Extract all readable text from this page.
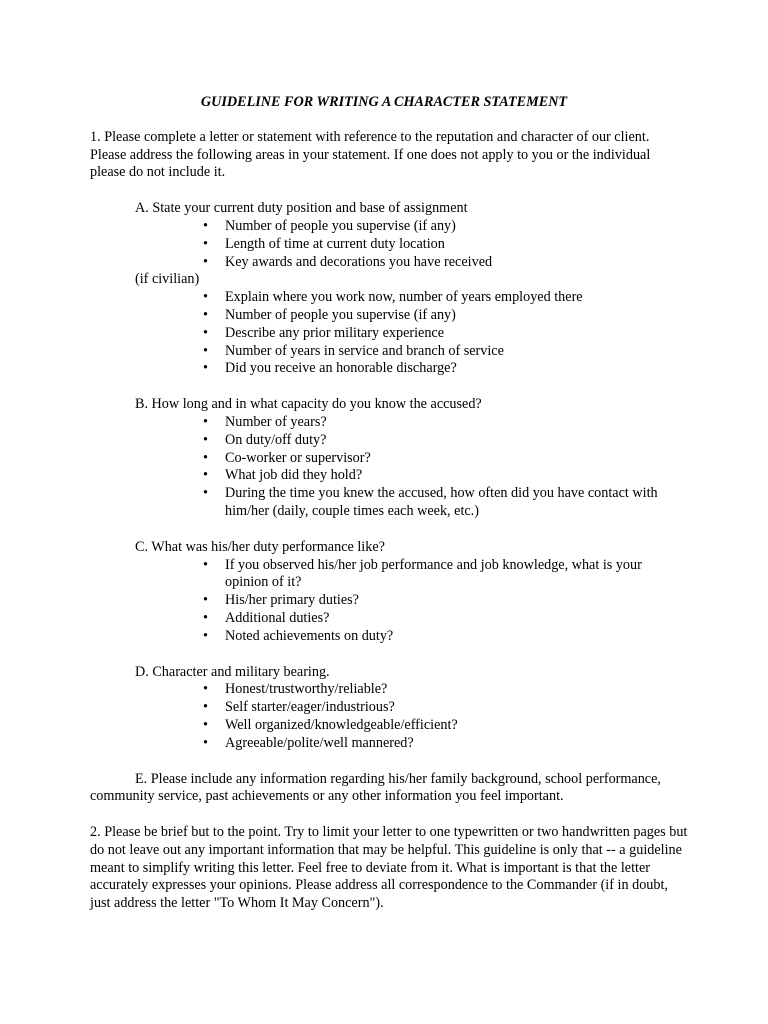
GUIDELINE FOR WRITING A CHARACTER STATEMENT

1. Please complete a letter or statement with reference to the reputation and character of our client. Please address the following areas in your statement. If one does not apply to you or the individual please do not include it.

A. State your current duty position and base of assignment

• Number of people you supervise (if any)
• Length of time at current duty location
• Key awards and decorations you have received

(if civilian)

• Explain where you work now, number of years employed there
• Number of people you supervise (if any)
• Describe any prior military experience
• Number of years in service and branch of service
• Did you receive an honorable discharge?

B. How long and in what capacity do you know the accused?

• Number of years?
• On duty/off duty?
• Co-worker or supervisor?
• What job did they hold?
• During the time you knew the accused, how often did you have contact with him/her (daily, couple times each week, etc.)

C. What was his/her duty performance like?

• If you observed his/her job performance and job knowledge, what is your opinion of it?
• His/her primary duties?
• Additional duties?
• Noted achievements on duty?

D. Character and military bearing.

• Honest/trustworthy/reliable?
• Self starter/eager/industrious?
• Well organized/knowledgeable/efficient?
• Agreeable/polite/well mannered?

E. Please include any information regarding his/her family background, school performance, community service, past achievements or any other information you feel important.

2. Please be brief but to the point. Try to limit your letter to one typewritten or two handwritten pages but do not leave out any important information that may be helpful. This guideline is only that -- a guideline meant to simplify writing this letter. Feel free to deviate from it. What is important is that the letter accurately expresses your opinions. Please address all correspondence to the Commander (if in doubt, just address the letter "To Whom It May Concern").
